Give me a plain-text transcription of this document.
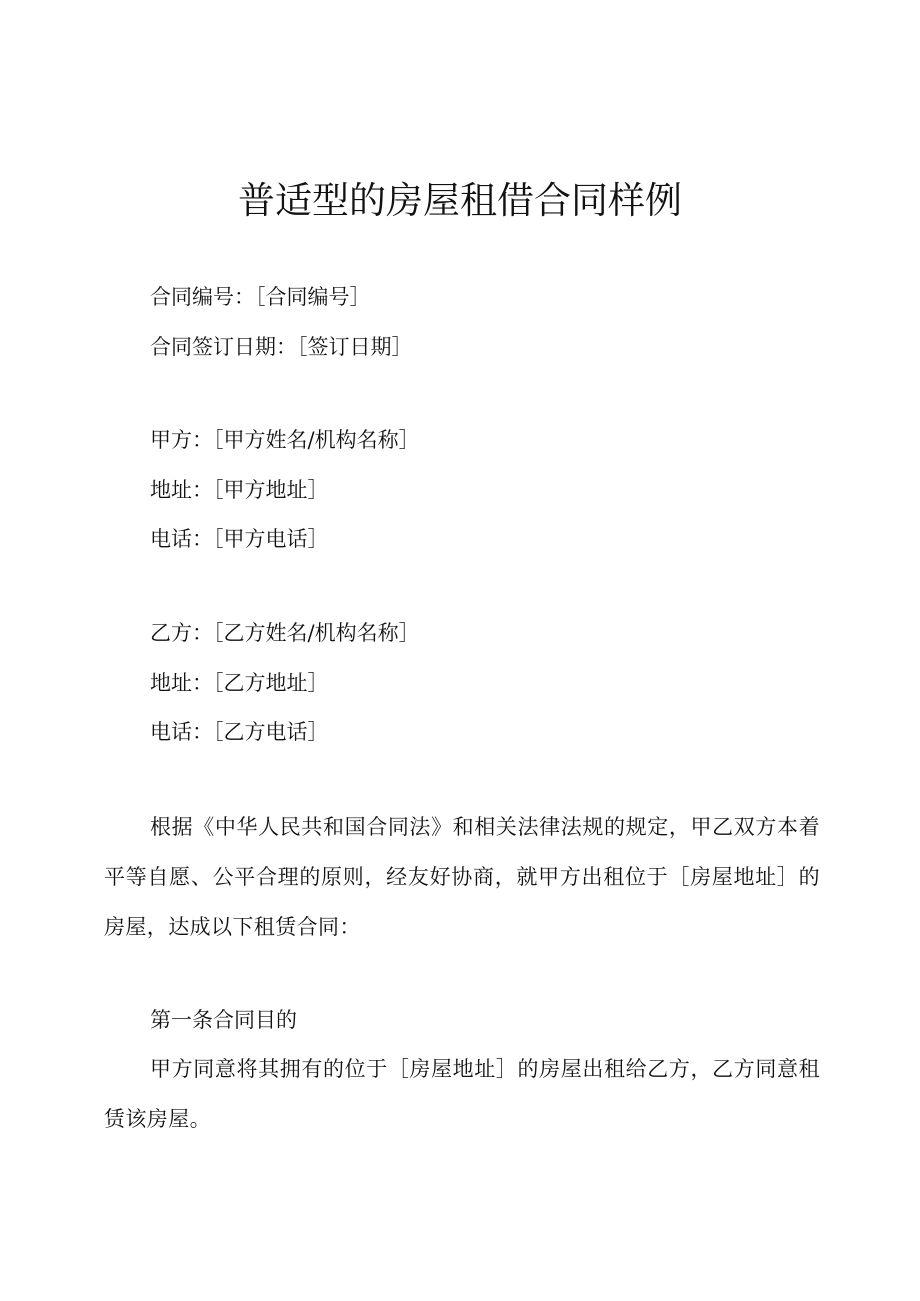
普适型的房屋租借合同样例

合同编号：［合同编号］

合同签订日期：［签订日期］

甲方：［甲方姓名/机构名称］

地址：［甲方地址］

电话：［甲方电话］

乙方：［乙方姓名/机构名称］

地址：［乙方地址］

电话：［乙方电话］

根据《中华人民共和国合同法》和相关法律法规的规定，甲乙双方本着平等自愿、公平合理的原则，经友好协商，就甲方出租位于［房屋地址］的房屋，达成以下租赁合同：

第一条合同目的

甲方同意将其拥有的位于［房屋地址］的房屋出租给乙方，乙方同意租赁该房屋。
